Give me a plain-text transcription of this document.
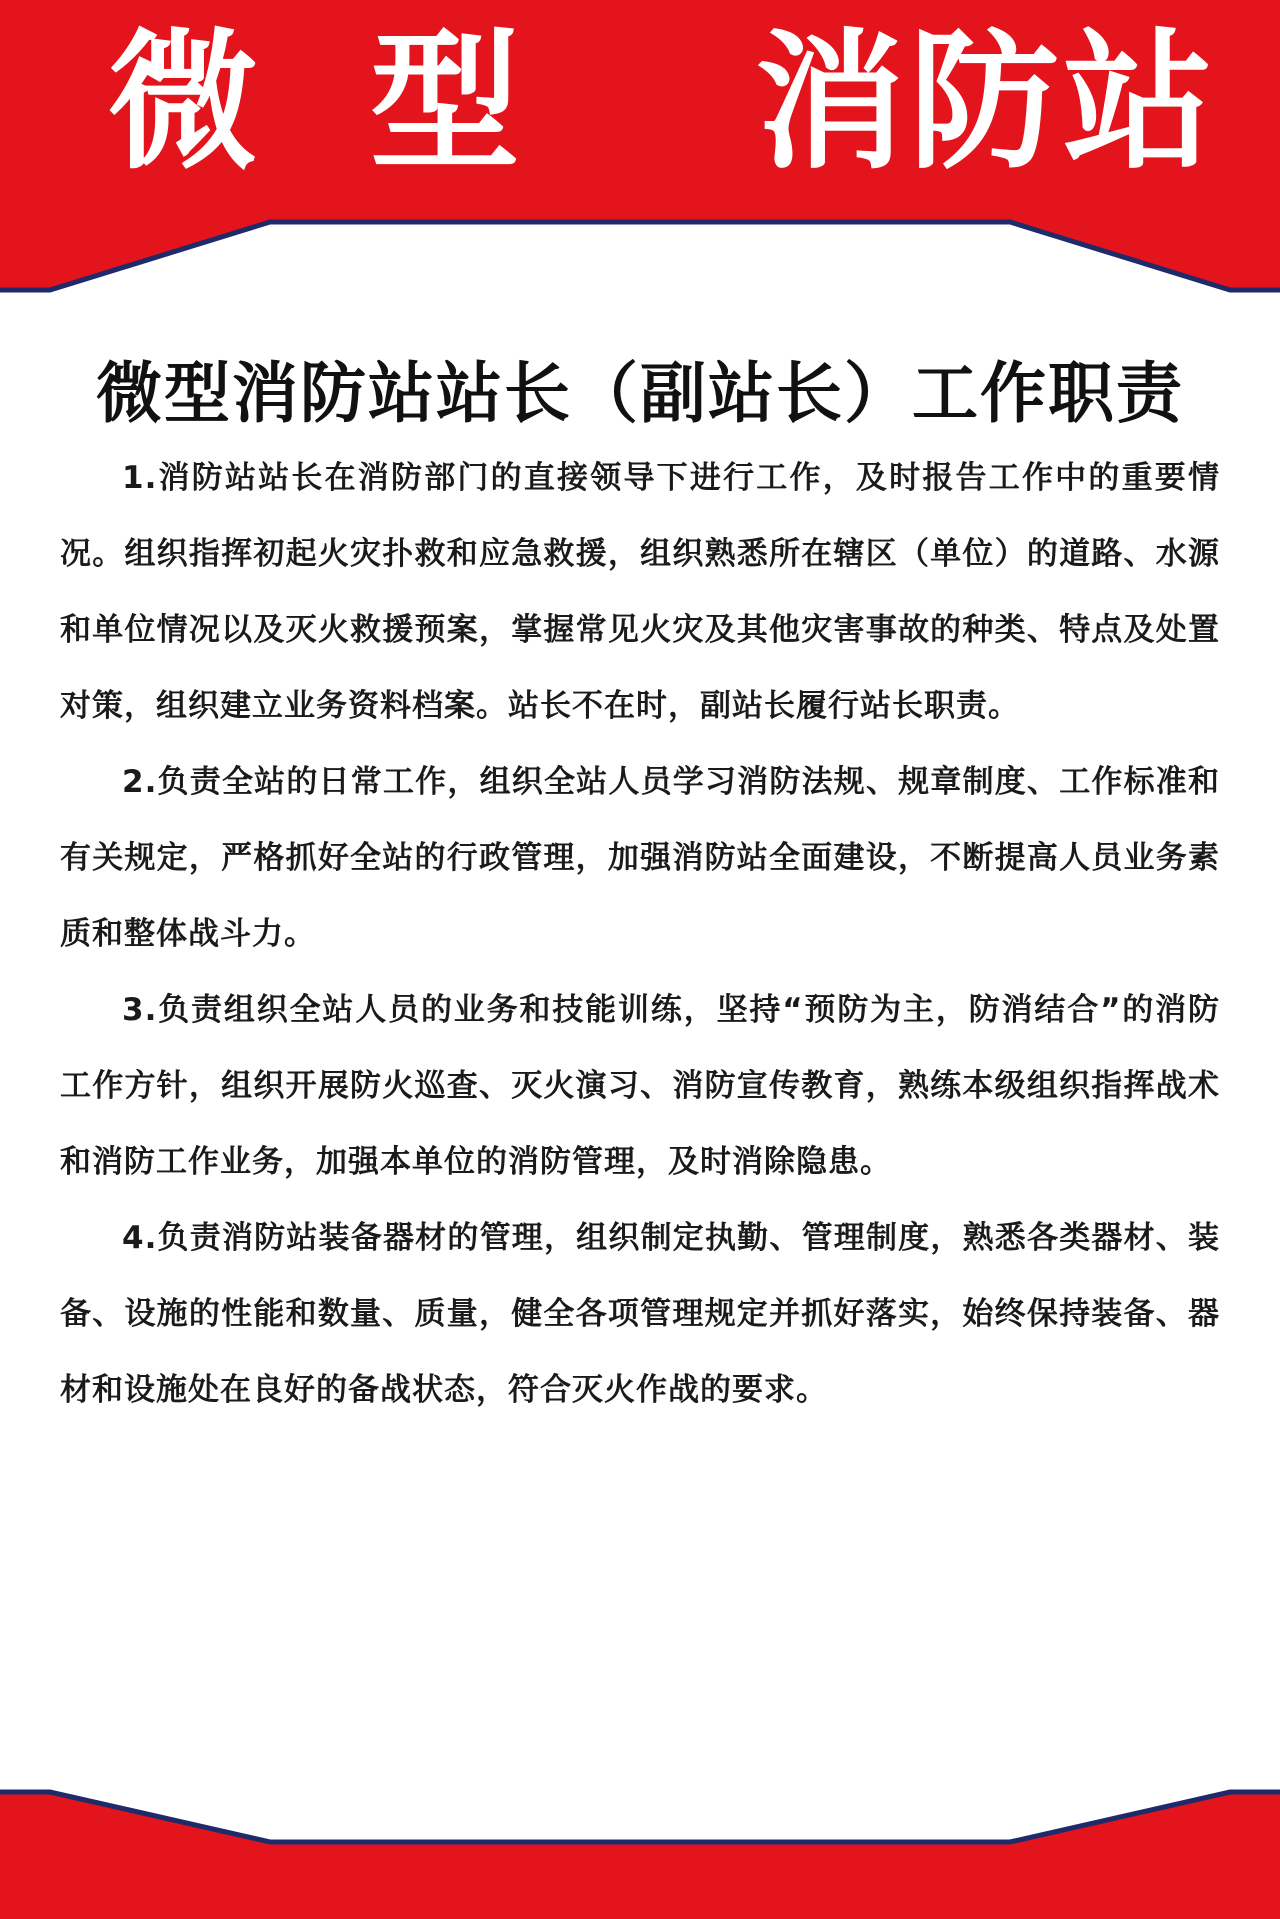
微 型 消防站
微型消防站站长（副站长）工作职责

1.消防站站长在消防部门的直接领导下进行工作，及时报告工作中的重要情况。组织指挥初起火灾扑救和应急救援，组织熟悉所在辖区（单位）的道路、水源和单位情况以及灭火救援预案，掌握常见火灾及其他灾害事故的种类、特点及处置对策，组织建立业务资料档案。站长不在时，副站长履行站长职责。

2.负责全站的日常工作，组织全站人员学习消防法规、规章制度、工作标准和有关规定，严格抓好全站的行政管理，加强消防站全面建设，不断提高人员业务素质和整体战斗力。

3.负责组织全站人员的业务和技能训练，坚持“预防为主，防消结合”的消防工作方针，组织开展防火巡查、灭火演习、消防宣传教育，熟练本级组织指挥战术和消防工作业务，加强本单位的消防管理，及时消除隐患。

4.负责消防站装备器材的管理，组织制定执勤、管理制度，熟悉各类器材、装备、设施的性能和数量、质量，健全各项管理规定并抓好落实，始终保持装备、器材和设施处在良好的备战状态，符合灭火作战的要求。
